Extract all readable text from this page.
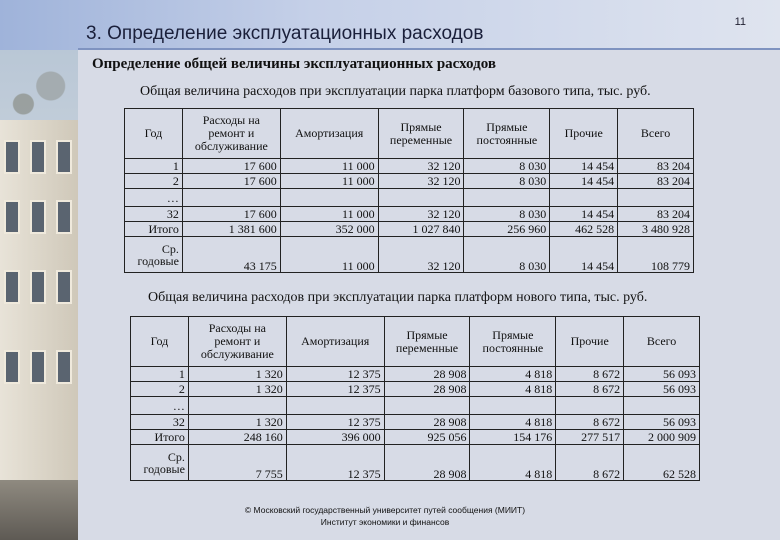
3. Определение эксплуатационных расходов
11
Определение общей величины эксплуатационных расходов
Общая величина расходов при эксплуатации парка платформ базового типа, тыс. руб.
Год	Расходы на ремонт и обслуживание	Амортизация	Прямые переменные	Прямые постоянные	Прочие	Всего
1	17 600	11 000	32 120	8 030	14 454	83 204
2	17 600	11 000	32 120	8 030	14 454	83 204
…						
32	17 600	11 000	32 120	8 030	14 454	83 204
Итого	1 381 600	352 000	1 027 840	256 960	462 528	3 480 928
Ср. годовые	43 175	11 000	32 120	8 030	14 454	108 779
Общая величина расходов при эксплуатации парка платформ нового типа, тыс. руб.
Год	Расходы на ремонт и обслуживание	Амортизация	Прямые переменные	Прямые постоянные	Прочие	Всего
1	1 320	12 375	28 908	4 818	8 672	56 093
2	1 320	12 375	28 908	4 818	8 672	56 093
…						
32	1 320	12 375	28 908	4 818	8 672	56 093
Итого	248 160	396 000	925 056	154 176	277 517	2 000 909
Ср. годовые	7 755	12 375	28 908	4 818	8 672	62 528
© Московский государственный университет путей сообщения (МИИТ)
Институт экономики и финансов
